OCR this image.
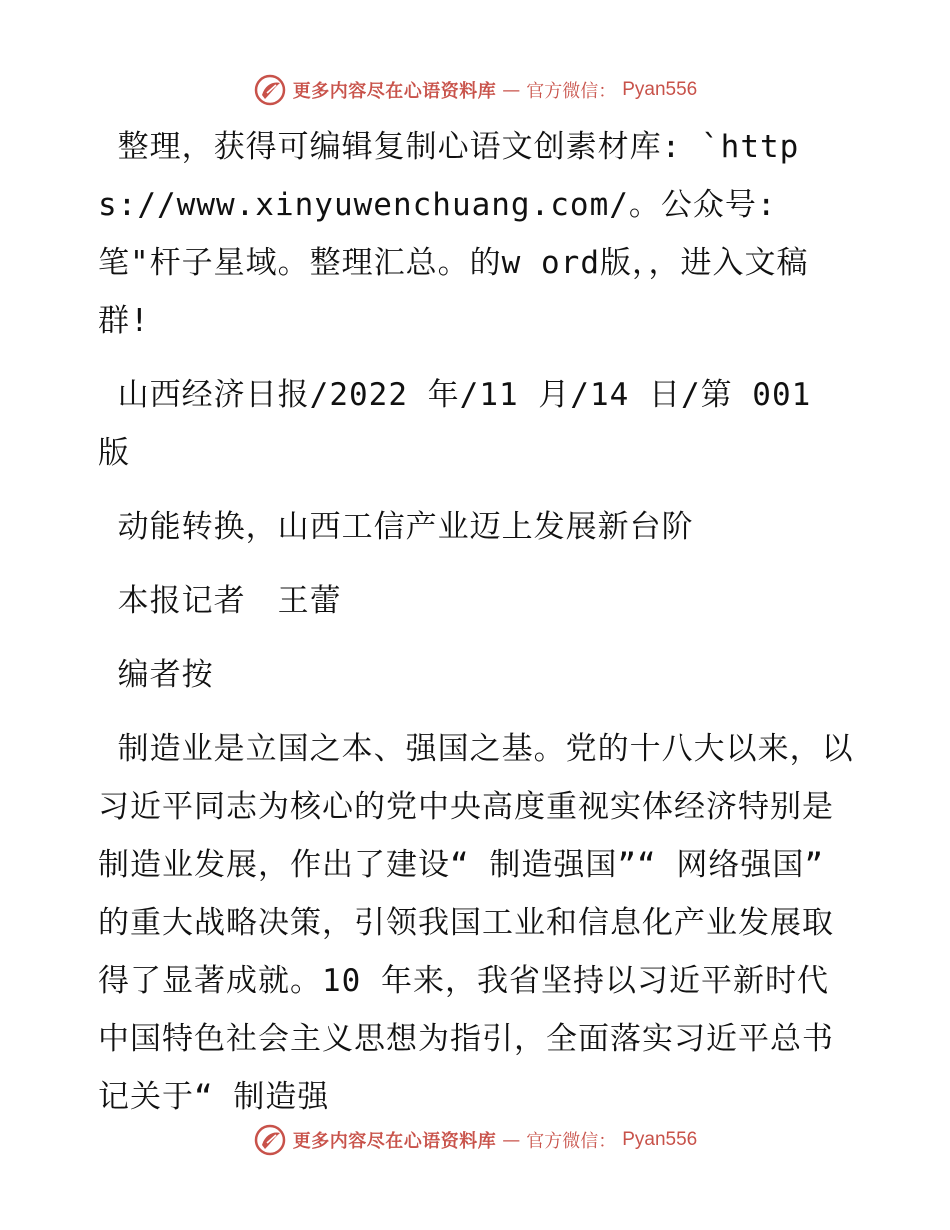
更多内容尽在心语资料库 — 官方微信： Pyan556

整理，获得可编辑复制心语文创素材库: `https://www.xinyuwenchuang.com/。公众号: 笔"杆子星域。整理汇总。的w ord版，，进入文稿群!

山西经济日报/2022 年/11 月/14 日/第 001 版

动能转换，山西工信产业迈上发展新台阶

本报记者　王蕾

编者按

制造业是立国之本、强国之基。党的十八大以来，以习近平同志为核心的党中央高度重视实体经济特别是制造业发展，作出了建设“ 制造强国”“ 网络强国” 的重大战略决策，引领我国工业和信息化产业发展取得了显著成就。10 年来，我省坚持以习近平新时代中国特色社会主义思想为指引，全面落实习近平总书记关于“ 制造强

更多内容尽在心语资料库 — 官方微信： Pyan556
